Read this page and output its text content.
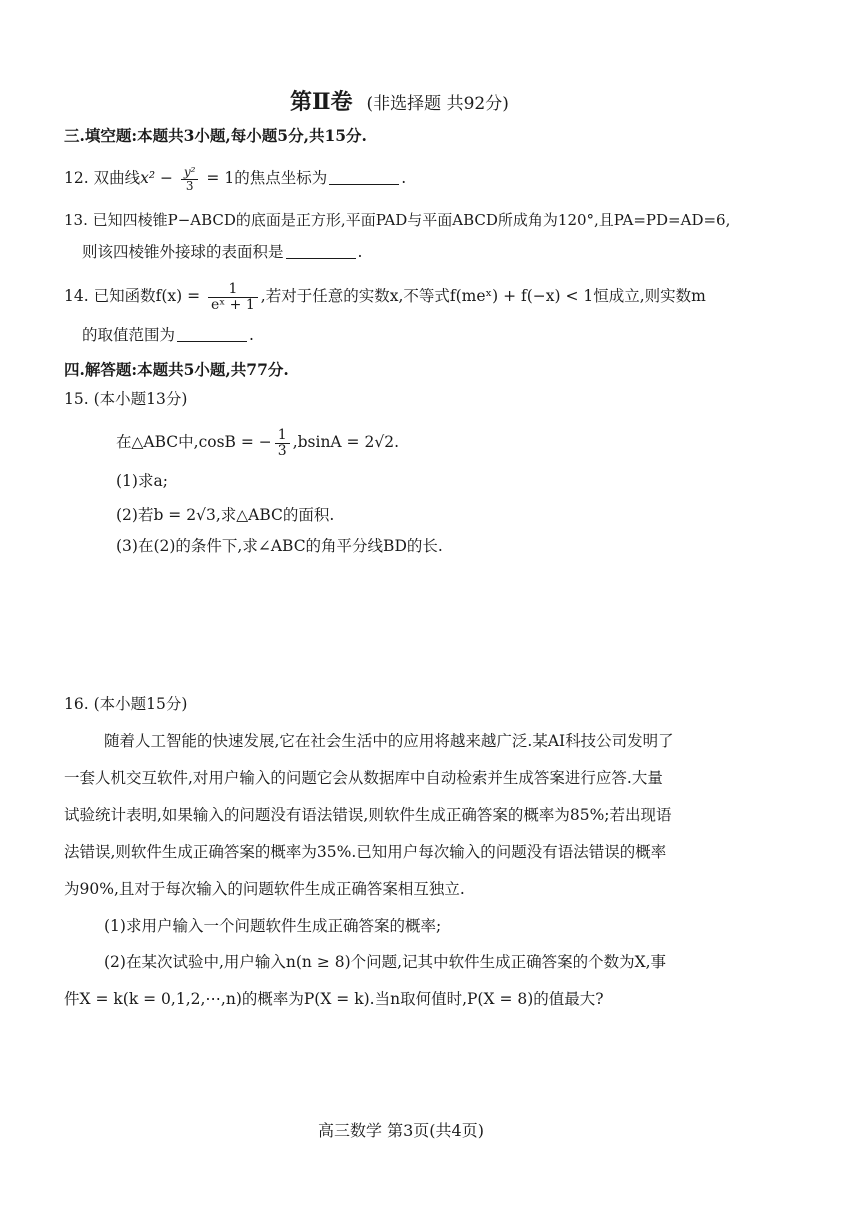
第Ⅱ卷 (非选择题 共92分)
三.填空题:本题共3小题,每小题5分,共15分.
12. 双曲线$x^2 - \frac{\text{y²}}{3} = 1$的焦点坐标为	.
13. 已知四棱锥P−ABCD的底面是正方形,平面PAD与平面ABCD所成角为120°,且PA=PD=AD=6,
则该四棱锥外接球的表面积是	.
14. 已知函数$f(x) = \frac{1}{\text{eˣ + 1}}$ ,若对于任意的实数x,不等式f(meˣ) + f(−x) < 1恒成立,则实数m
的取值范围为	.
四.解答题:本题共5小题,共77分.
15. (本小题13分)
在△ABC中,cosB = − $\frac{1}{3} ,bsinA = 2√2$.
(1)求a;
(2)若b = 2√3,求△ABC的面积.
(3)在(2)的条件下,求∠ABC的角平分线BD的长.
16. (本小题15分)
随着人工智能的快速发展,它在社会生活中的应用将越来越广泛.某AI科技公司发明了
一套人机交互软件,对用户输入的问题它会从数据库中自动检索并生成答案进行应答.大量
试验统计表明,如果输入的问题没有语法错误,则软件生成正确答案的概率为85%;若出现语
法错误,则软件生成正确答案的概率为35%.已知用户每次输入的问题没有语法错误的概率
为90%,且对于每次输入的问题软件生成正确答案相互独立.
(1)求用户输入一个问题软件生成正确答案的概率;
(2)在某次试验中,用户输入n(n ≥ 8)个问题,记其中软件生成正确答案的个数为X,事
件X = k(k = 0,1,2,⋯,n)的概率为P(X = k).当n取何值时,P(X = 8)的值最大?
高三数学 第3页(共4页)
